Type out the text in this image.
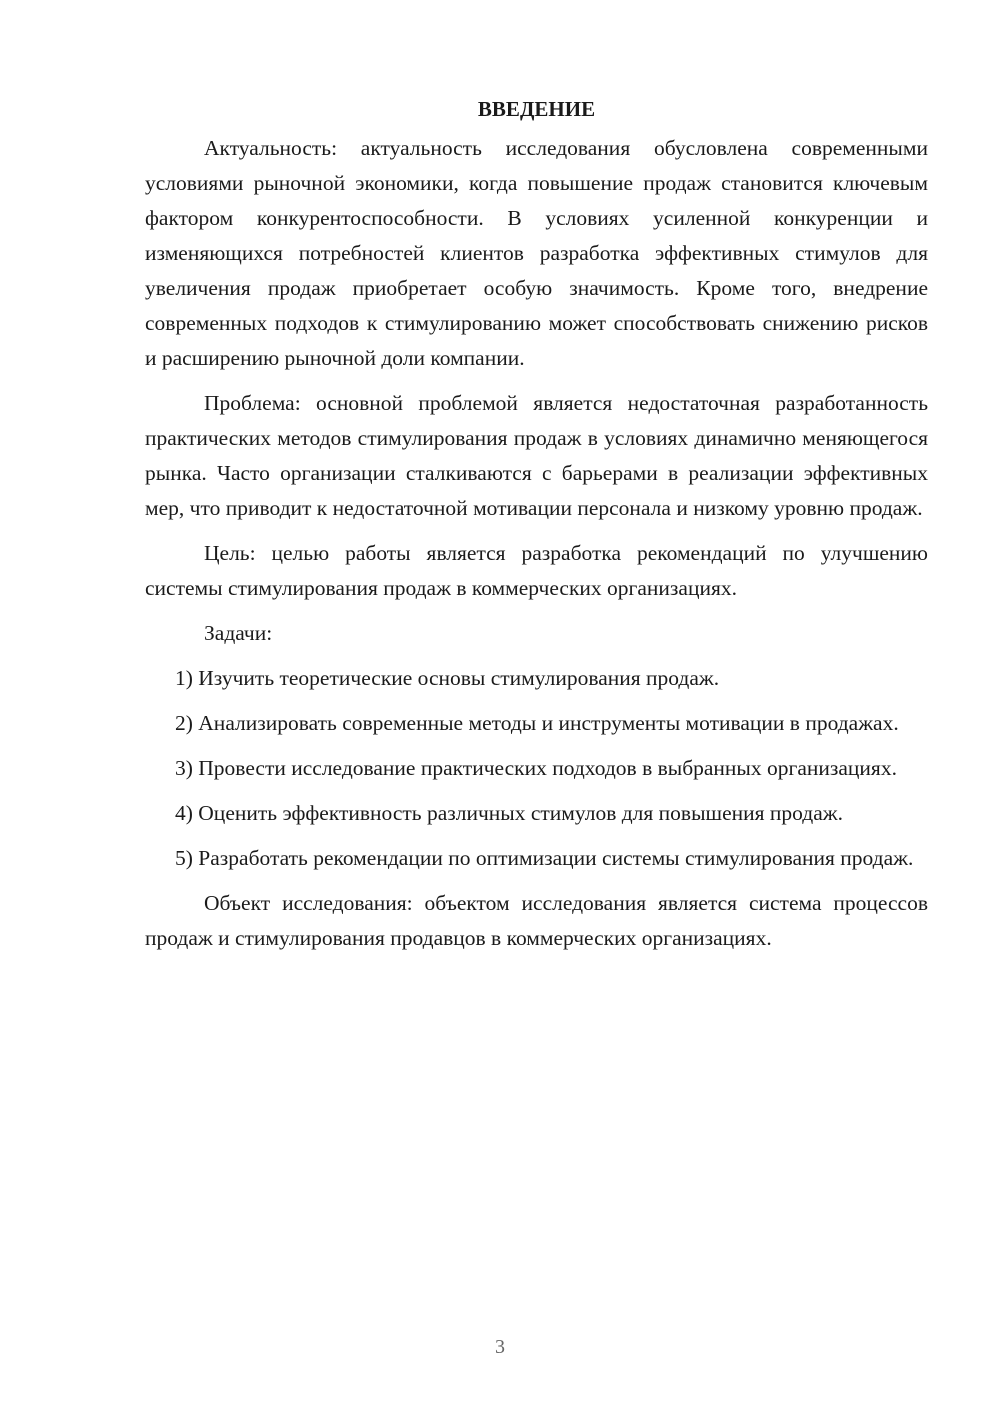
ВВЕДЕНИЕ

Актуальность: актуальность исследования обусловлена современными условиями рыночной экономики, когда повышение продаж становится ключевым фактором конкурентоспособности. В условиях усиленной конкуренции и изменяющихся потребностей клиентов разработка эффективных стимулов для увеличения продаж приобретает особую значимость. Кроме того, внедрение современных подходов к стимулированию может способствовать снижению рисков и расширению рыночной доли компании.

Проблема: основной проблемой является недостаточная разработанность практических методов стимулирования продаж в условиях динамично меняющегося рынка. Часто организации сталкиваются с барьерами в реализации эффективных мер, что приводит к недостаточной мотивации персонала и низкому уровню продаж.

Цель: целью работы является разработка рекомендаций по улучшению системы стимулирования продаж в коммерческих организациях.

Задачи:

1) Изучить теоретические основы стимулирования продаж.

2) Анализировать современные методы и инструменты мотивации в продажах.

3) Провести исследование практических подходов в выбранных организациях.

4) Оценить эффективность различных стимулов для повышения продаж.

5) Разработать рекомендации по оптимизации системы стимулирования продаж.

Объект исследования: объектом исследования является система процессов продаж и стимулирования продавцов в коммерческих организациях.

3
